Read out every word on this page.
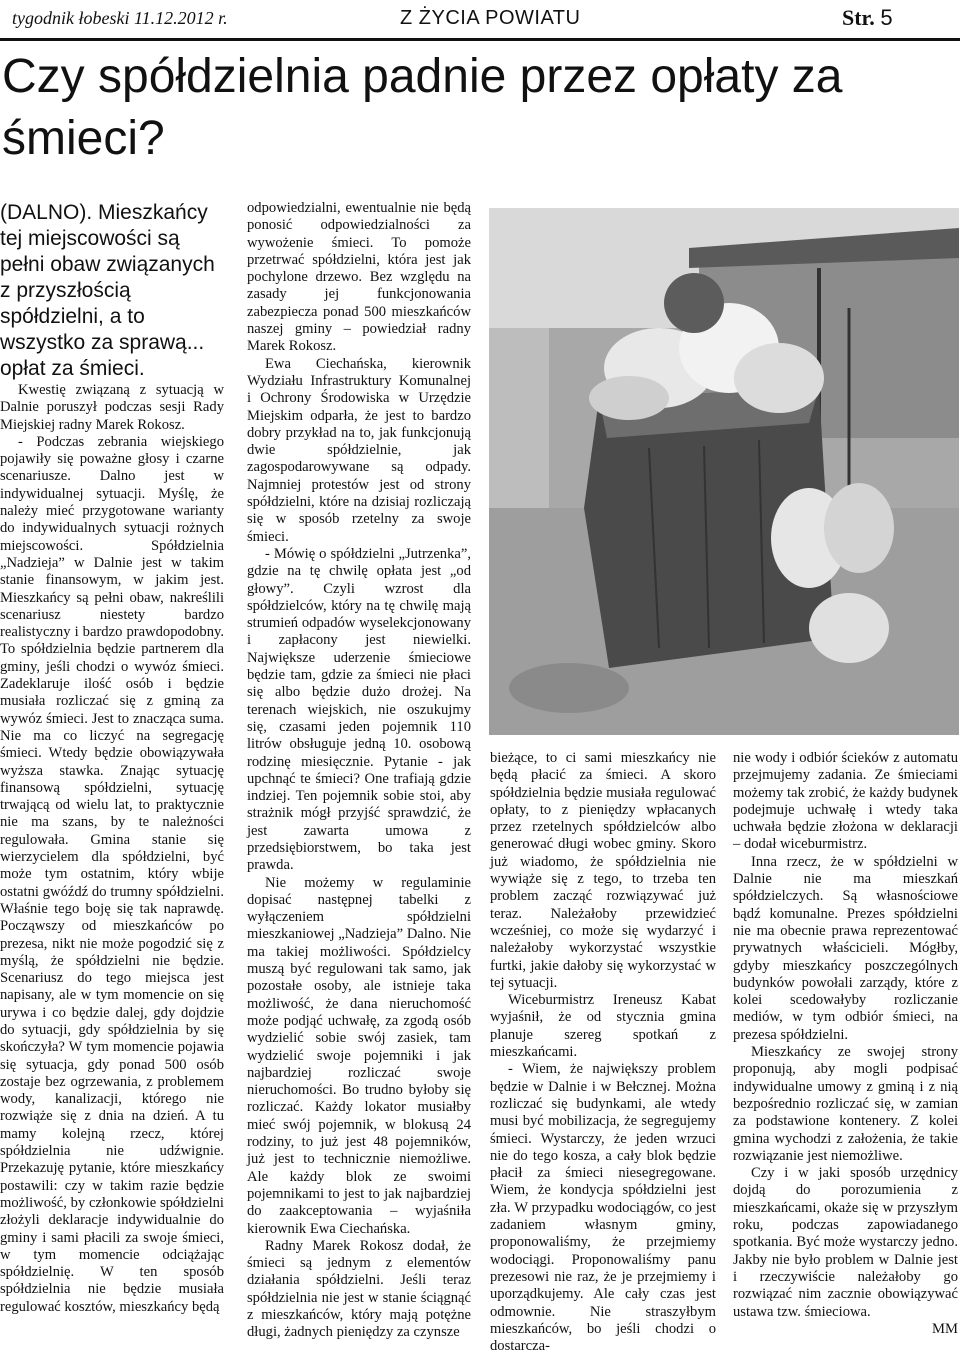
tygodnik łobeski 11.12.2012 r.	Z ŻYCIA POWIATU	Str. 5
Czy spółdzielnia padnie przez opłaty za śmieci?

(DALNO). Mieszkańcy tej miejscowości są pełni obaw związanych z przyszłością spółdzielni, a to wszystko za sprawą... opłat za śmieci.

Kwestię związaną z sytuacją w Dalnie poruszył podczas sesji Rady Miejskiej radny Marek Rokosz.

- Podczas zebrania wiejskiego pojawiły się poważne głosy i czarne scenariusze. Dalno jest w indywidualnej sytuacji. Myślę, że należy mieć przygotowane warianty do indywidualnych sytuacji rożnych miejscowości. Spółdzielnia „Nadzieja” w Dalnie jest w takim stanie finansowym, w jakim jest. Mieszkańcy są pełni obaw, nakreślili scenariusz niestety bardzo realistyczny i bardzo prawdopodobny. To spółdzielnia będzie partnerem dla gminy, jeśli chodzi o wywóz śmieci. Zadeklaruje ilość osób i będzie musiała rozliczać się z gminą za wywóz śmieci. Jest to znacząca suma. Nie ma co liczyć na segregację śmieci. Wtedy będzie obowiązywała wyższa stawka. Znając sytuację finansową spółdzielni, sytuację trwającą od wielu lat, to praktycznie nie ma szans, by te należności regulowała. Gmina stanie się wierzycielem dla spółdzielni, być może tym ostatnim, który wbije ostatni gwóźdź do trumny spółdzielni. Właśnie tego boję się tak naprawdę. Począwszy od mieszkańców po prezesa, nikt nie może pogodzić się z myślą, że spółdzielni nie będzie. Scenariusz do tego miejsca jest napisany, ale w tym momencie on się urywa i co będzie dalej, gdy dojdzie do sytuacji, gdy spółdzielnia by się skończyła? W tym momencie pojawia się sytuacja, gdy ponad 500 osób zostaje bez ogrzewania, z problemem wody, kanalizacji, którego nie rozwiąże się z dnia na dzień. A tu mamy kolejną rzecz, której spółdzielnia nie udźwignie. Przekazuję pytanie, które mieszkańcy postawili: czy w takim razie będzie możliwość, by członkowie spółdzielni złożyli deklaracje indywidualnie do gminy i sami płacili za swoje śmieci, w tym momencie odciążając spółdzielnię. W ten sposób spółdzielnia nie będzie musiała regulować kosztów, mieszkańcy będą

odpowiedzialni, ewentualnie nie będą ponosić odpowiedzialności za wywożenie śmieci. To pomoże przetrwać spółdzielni, która jest jak pochylone drzewo. Bez względu na zasady jej funkcjonowania zabezpiecza ponad 500 mieszkańców naszej gminy – powiedział radny Marek Rokosz.

Ewa Ciechańska, kierownik Wydziału Infrastruktury Komunalnej i Ochrony Środowiska w Urzędzie Miejskim odparła, że jest to bardzo dobry przykład na to, jak funkcjonują dwie spółdzielnie, jak zagospodarowywane są odpady. Najmniej protestów jest od strony spółdzielni, które na dzisiaj rozliczają się w sposób rzetelny za swoje śmieci.

- Mówię o spółdzielni „Jutrzenka”, gdzie na tę chwilę opłata jest „od głowy”. Czyli wzrost dla spółdzielców, który na tę chwilę mają strumień odpadów wyselekcjonowany i zapłacony jest niewielki. Największe uderzenie śmieciowe będzie tam, gdzie za śmieci nie płaci się albo będzie dużo drożej. Na terenach wiejskich, nie oszukujmy się, czasami jeden pojemnik 110 litrów obsługuje jedną 10. osobową rodzinę miesięcznie. Pytanie - jak upchnąć te śmieci? One trafiają gdzie indziej. Ten pojemnik sobie stoi, aby strażnik mógł przyjść sprawdzić, że jest zawarta umowa z przedsiębiorstwem, bo taka jest prawda.

Nie możemy w regulaminie dopisać następnej tabelki z wyłączeniem spółdzielni mieszkaniowej „Nadzieja” Dalno. Nie ma takiej możliwości. Spółdzielcy muszą być regulowani tak samo, jak pozostałe osoby, ale istnieje taka możliwość, że dana nieruchomość może podjąć uchwałę, za zgodą osób wydzielić sobie swój zasiek, tam wydzielić swoje pojemniki i jak najbardziej rozliczać swoje nieruchomości. Bo trudno byłoby się rozliczać. Każdy lokator musiałby mieć swój pojemnik, w blokusą 24 rodziny, to już jest 48 pojemników, już jest to technicznie niemożliwe. Ale każdy blok ze swoimi pojemnikami to jest to jak najbardziej do zaakceptowania – wyjaśniła kierownik Ewa Ciechańska.

Radny Marek Rokosz dodał, że śmieci są jednym z elementów działania spółdzielni. Jeśli teraz spółdzielnia nie jest w stanie ściągnąć z mieszkańców, który mają potężne długi, żadnych pieniędzy za czynsze

bieżące, to ci sami mieszkańcy nie będą płacić za śmieci. A skoro spółdzielnia będzie musiała regulować opłaty, to z pieniędzy wpłacanych przez rzetelnych spółdzielców albo generować długi wobec gminy. Skoro już wiadomo, że spółdzielnia nie wywiąże się z tego, to trzeba ten problem zacząć rozwiązywać już teraz. Należałoby przewidzieć wcześniej, co może się wydarzyć i należałoby wykorzystać wszystkie furtki, jakie dałoby się wykorzystać w tej sytuacji.

Wiceburmistrz Ireneusz Kabat wyjaśnił, że od stycznia gmina planuje szereg spotkań z mieszkańcami.

- Wiem, że największy problem będzie w Dalnie i w Bełcznej. Można rozliczać się budynkami, ale wtedy musi być mobilizacja, że segregujemy śmieci. Wystarczy, że jeden wrzuci nie do tego kosza, a cały blok będzie płacił za śmieci niesegregowane. Wiem, że kondycja spółdzielni jest zła. W przypadku wodociągów, co jest zadaniem własnym gminy, proponowaliśmy, że przejmiemy wodociągi. Proponowaliśmy panu prezesowi nie raz, że je przejmiemy i uporządkujemy. Ale cały czas jest odmownie. Nie straszyłbym mieszkańców, bo jeśli chodzi o dostarcza-

nie wody i odbiór ścieków z automatu przejmujemy zadania. Ze śmieciami możemy tak zrobić, że każdy budynek podejmuje uchwałę i wtedy taka uchwała będzie złożona w deklaracji – dodał wiceburmistrz.

Inna rzecz, że w spółdzielni w Dalnie nie ma mieszkań spółdzielczych. Są własnościowe bądź komunalne. Prezes spółdzielni nie ma obecnie prawa reprezentować prywatnych właścicieli. Mógłby, gdyby mieszkańcy poszczególnych budynków powołali zarządy, które z kolei scedowałyby rozliczanie mediów, w tym odbiór śmieci, na prezesa spółdzielni.

Mieszkańcy ze swojej strony proponują, aby mogli podpisać indywidualne umowy z gminą i z nią bezpośrednio rozliczać się, w zamian za podstawione kontenery. Z kolei gmina wychodzi z założenia, że takie rozwiązanie jest niemożliwe.

Czy i w jaki sposób urzędnicy dojdą do porozumienia z mieszkańcami, okaże się w przyszłym roku, podczas zapowiadanego spotkania. Być może wystarczy jedno. Jakby nie było problem w Dalnie jest i rzeczywiście należałoby go rozwiązać nim zacznie obowiązywać ustawa tzw. śmieciowa.

MM
